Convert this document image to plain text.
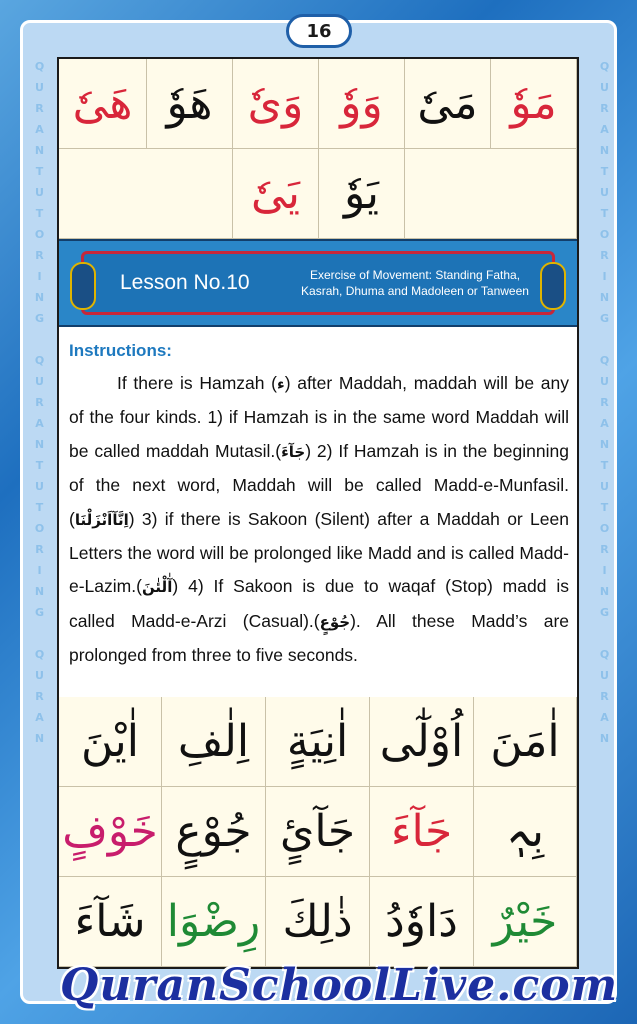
QURANTUTORING QURANTUTORING QURAN	QURANTUTORING QURANTUTORING QURAN
16
مَوٗ
مَیٗ
وَوٗ
وَیٗ
ھَوٗ
ھَیٗ
یَوٗ
یَیٗ
Lesson No.10	Exercise of Movement: Standing Fatha,
Kasrah, Dhuma and Madoleen or Tanween
Instructions:

If there is Hamzah (ء) after Maddah, maddah will be any of the four kinds. 1) if Hamzah is in the same word Maddah will be called maddah Mutasil.(جَآءَ) 2) If Hamzah is in the beginning of the next word, Maddah will be called Madd-e-Munfasil.(اِنَّآاَنْزَلْنَا) 3) if there is Sakoon (Silent) after a Maddah or Leen Letters the word will be prolonged like Madd and is called Madd-e-Lazim.(آٰلْئٰنَ) 4) If Sakoon is due to waqaf (Stop) madd is called Madd-e-Arzi (Casual).(جُوْعٍ). All these Madd’s are prolonged from three to five seconds.

اٰمَنَ
اُوْلٰٓی
اٰنِیَةٍ
اِلٰفِ
اٰیْنَ
بِہٖ
جَآءَ
جَآئٍ
جُوْعٍ
خَوْفٍ
خَیْرٌ
دَاوٗدُ
ذٰلِكَ
رِضْوَا
شَآءَ
QuranSchoolLive.com
